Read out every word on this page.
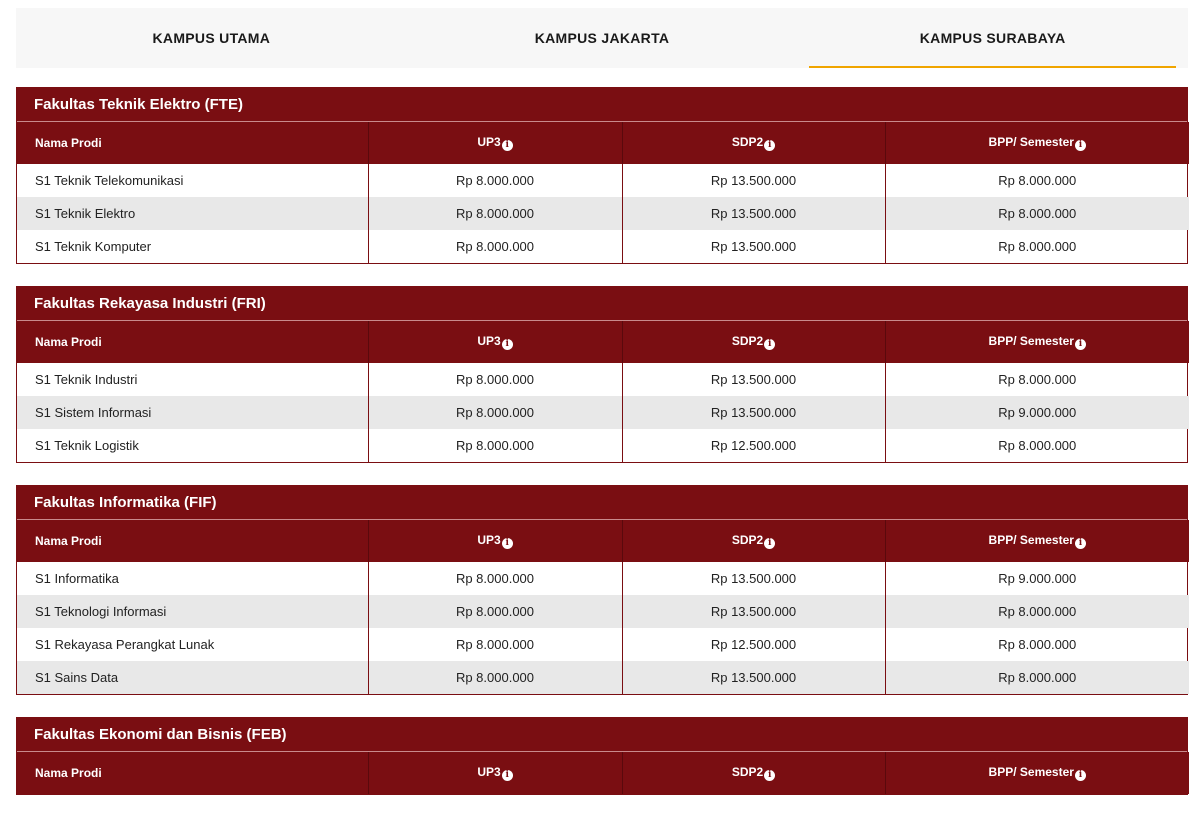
KAMPUS UTAMA	KAMPUS JAKARTA	KAMPUS SURABAYA
Fakultas Teknik Elektro (FTE)
Nama Prodi	UP3 i	SDP2 i	BPP/ Semester i
S1 Teknik Telekomunikasi	Rp 8.000.000	Rp 13.500.000	Rp 8.000.000
S1 Teknik Elektro	Rp 8.000.000	Rp 13.500.000	Rp 8.000.000
S1 Teknik Komputer	Rp 8.000.000	Rp 13.500.000	Rp 8.000.000
Fakultas Rekayasa Industri (FRI)
Nama Prodi	UP3 i	SDP2 i	BPP/ Semester i
S1 Teknik Industri	Rp 8.000.000	Rp 13.500.000	Rp 8.000.000
S1 Sistem Informasi	Rp 8.000.000	Rp 13.500.000	Rp 9.000.000
S1 Teknik Logistik	Rp 8.000.000	Rp 12.500.000	Rp 8.000.000
Fakultas Informatika (FIF)
Nama Prodi	UP3 i	SDP2 i	BPP/ Semester i
S1 Informatika	Rp 8.000.000	Rp 13.500.000	Rp 9.000.000
S1 Teknologi Informasi	Rp 8.000.000	Rp 13.500.000	Rp 8.000.000
S1 Rekayasa Perangkat Lunak	Rp 8.000.000	Rp 12.500.000	Rp 8.000.000
S1 Sains Data	Rp 8.000.000	Rp 13.500.000	Rp 8.000.000
Fakultas Ekonomi dan Bisnis (FEB)
Nama Prodi	UP3 i	SDP2 i	BPP/ Semester i
